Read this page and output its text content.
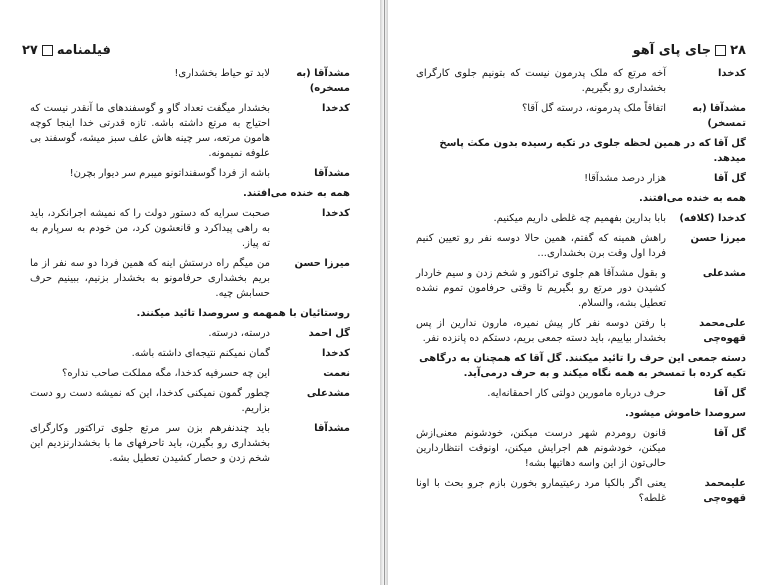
فیلمنامه
۲۷
مشدآقا (به مسخره)
لابد تو حیاط بخشداری!
کدخدا
بخشدار میگفت تعداد گاو و گوسفندهای ما آنقدر نیست که احتیاج به مرتع داشته باشه. تازه قدرتی خدا اینجا کوچه هامون مرتعه، سر چینه هاش علف سبز میشه، گوسفند بی علوفه نمیمونه.
مشدآقا
باشه از فردا گوسفنداتونو میبرم سر دیوار بچرن!
همه به خنده می‌افتند.
کدخدا
صحبت سرایه که دستور دولت را که نمیشه اجرانکرد، باید به راهی پیداکرد و قانعشون کرد، من خودم به سرپارم به ته پیاز.
میرزا حسن
من میگم راه درستش اینه که همین فردا دو سه نفر از ما بریم بخشداری حرفامونو به بخشدار بزنیم، ببینیم حرف حسابش چیه.
روستائیان با همهمه و سروصدا تائید میکنند.
گل احمد
درسته، درسته.
کدخدا
گمان نمیکنم نتیجه‌ای داشته باشه.
نعمت
این چه حسرفیه کدخدا، مگه مملکت صاحب نداره؟
مشدعلی
چطور گمون نمیکنی کدخدا، این که نمیشه دست رو دست بزاریم.
مشدآقا
باید چندنفرهم بزن سر مرتع جلوی تراکتور وکارگرای بخشداری رو بگیرن، باید تاحرفهای ما با بخشدارنزدیم این شخم زدن و حصار کشیدن تعطیل بشه.
۲۸
جای پای آهو
کدخدا
آخه مرتع که ملک پدرمون نیست که بتونیم جلوی کارگرای بخشداری رو بگیریم.
مشدآقا (به تمسخر)
اتفاقاً ملک پدرمونه، درسته گل آقا؟
گل آقا که در همین لحظه جلوی در تکیه رسیده بدون مکث پاسخ میدهد.
گل آقا
هزار درصد مشدآقا!
همه به خنده می‌افتند.
کدخدا (کلافه)
بابا بدارین بفهمیم چه غلطی داریم میکنیم.
میرزا حسن
راهش همینه که گفتم، همین حالا دوسه نفر رو تعیین کنیم فردا اول وقت برن بخشداری...
مشدعلی
و بقول مشدآقا هم جلوی تراکتور و شخم زدن و سیم خاردار کشیدن دور مرتع رو بگیریم تا وقتی حرفامون تموم نشده تعطیل بشه، والسلام.
علی‌محمد قهوه‌چی
با رفتن دوسه نفر کار پیش نمیره، مارون ندارین از پس بخشدار بیاییم، باید دسته جمعی بریم، دستکم ده پانزده نفر.
دسته جمعی این حرف را تائید میکنند. گل آقا که همچنان به درگاهی تکیه کرده با تمسخر به همه نگاه میکند و به حرف درمی‌آید.
گل آقا
حرف درباره مامورین دولتی کار احمقانه‌ایه.
سروصدا خاموش میشود.
گل آقا
قانون رومردم شهر درست میکنن، خودشونم معنی‌ازش میکنن، خودشونم هم اجرایش میکنن، اونوقت انتظاردارین حالی‌تون از این واسه دهاتیها بشه!
علیمحمد قهوه‌چی
یعنی اگر بالکیا مرد رعیتیمارو بخورن بازم جرو بحث با اونا غلطه؟
